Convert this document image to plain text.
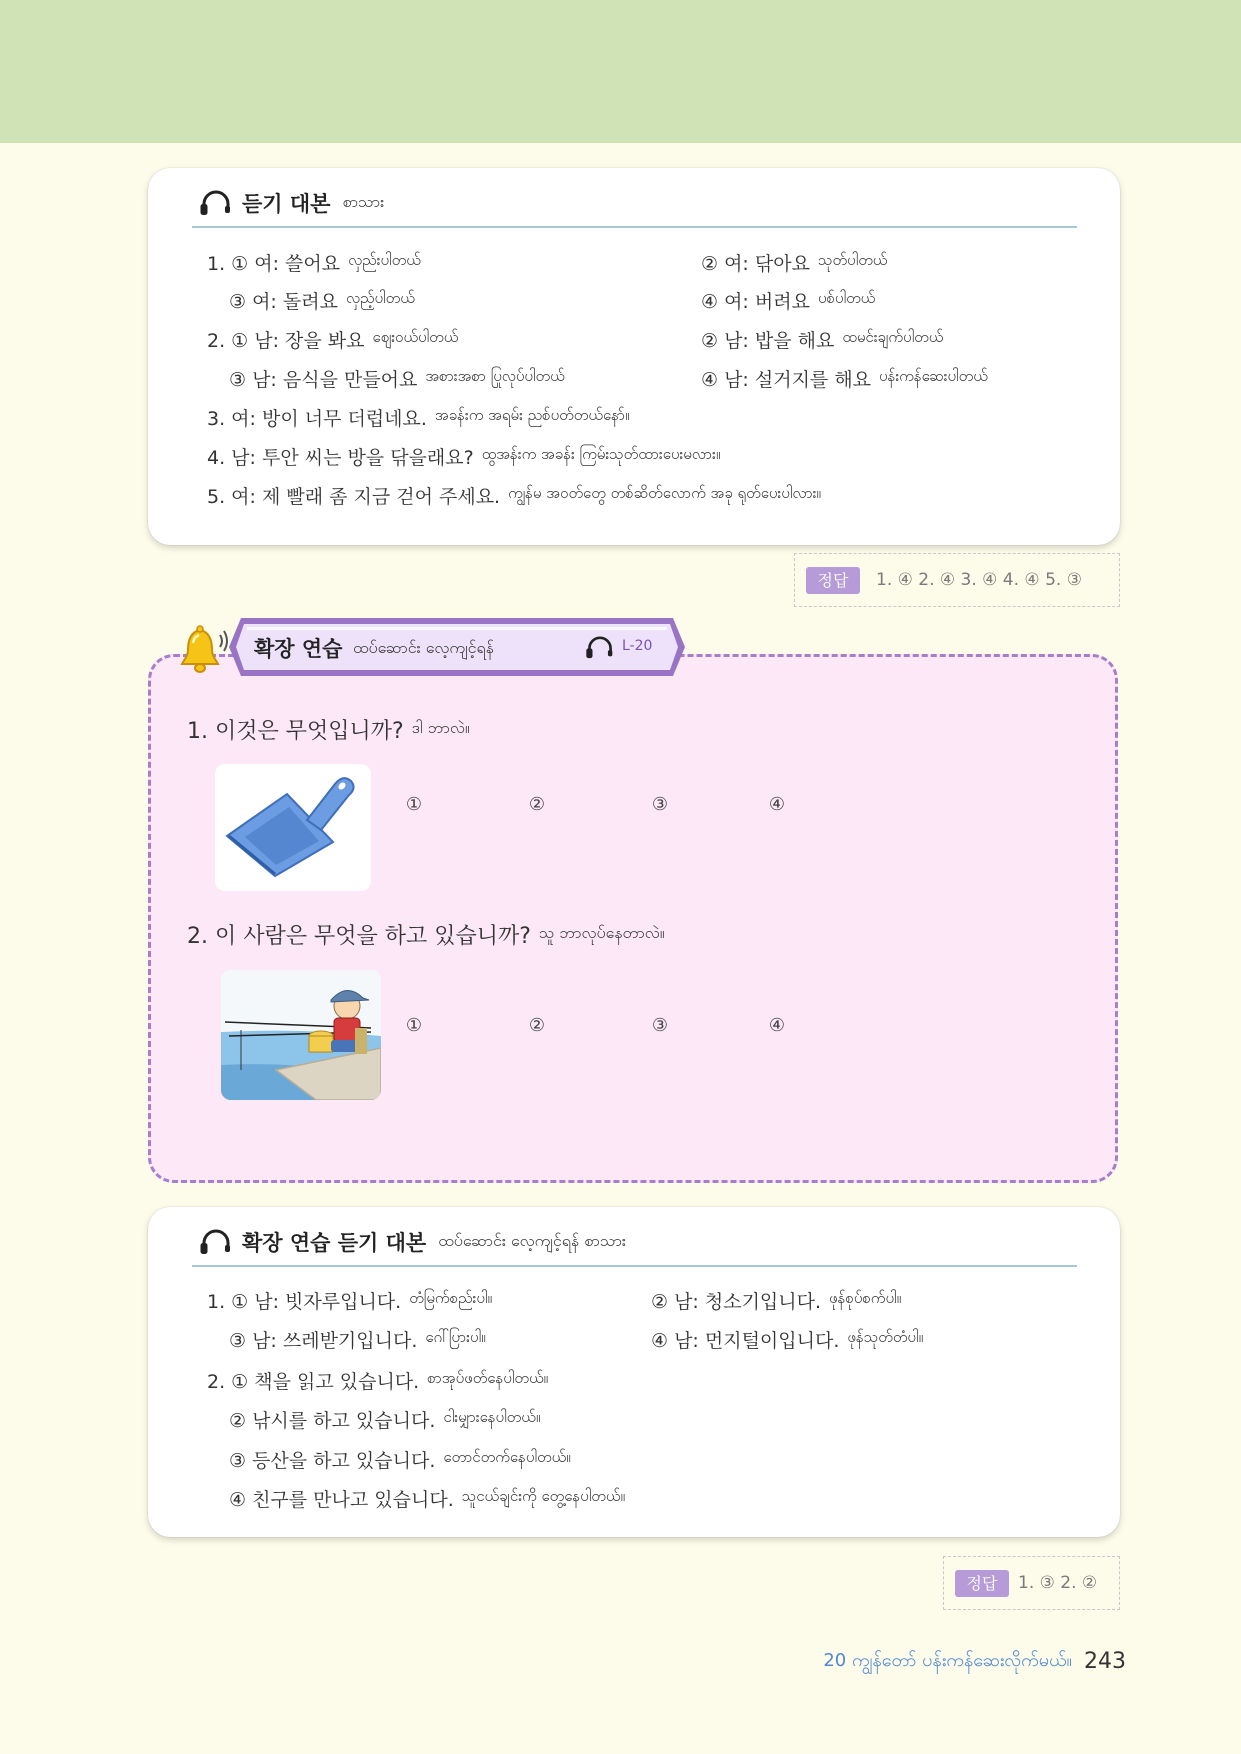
듣기 대본 စာသား
1. ① 여: 쓸어요 လှည်းပါတယ်	② 여: 닦아요 သုတ်ပါတယ်
③ 여: 돌려요 လှည့်ပါတယ်	④ 여: 버려요 ပစ်ပါတယ်
2. ① 남: 장을 봐요 ဈေးဝယ်ပါတယ်	② 남: 밥을 해요 ထမင်းချက်ပါတယ်
③ 남: 음식을 만들어요 အစားအစာ ပြုလုပ်ပါတယ်	④ 남: 설거지를 해요 ပန်းကန်ဆေးပါတယ်
3. 여: 방이 너무 더럽네요. အခန်းက အရမ်း ညစ်ပတ်တယ်နော်။
4. 남: 투안 씨는 방을 닦을래요? ထွအန်းက အခန်း ကြမ်းသုတ်ထားပေးမလား။
5. 여: 제 빨래 좀 지금 걷어 주세요. ကျွန်မ အဝတ်တွေ တစ်ဆိတ်လောက် အခု ရုတ်ပေးပါလား။
정답	1. ④ 2. ④ 3. ④ 4. ④ 5. ③
확장 연습 ထပ်ဆောင်း လေ့ကျင့်ရန်	L-20
1. 이것은 무엇입니까? ဒါ ဘာလဲ။
①	②	③	④
2. 이 사람은 무엇을 하고 있습니까? သူ ဘာလုပ်နေတာလဲ။
①	②	③	④
확장 연습 듣기 대본 ထပ်ဆောင်း လေ့ကျင့်ရန် စာသား
1. ① 남: 빗자루입니다. တံမြက်စည်းပါ။	② 남: 청소기입니다. ဖုန်စုပ်စက်ပါ။
③ 남: 쓰레받기입니다. ဂေါ်ပြားပါ။	④ 남: 먼지털이입니다. ဖုန်သုတ်တံပါ။
2. ① 책을 읽고 있습니다. စာအုပ်ဖတ်နေပါတယ်။
② 낚시를 하고 있습니다. ငါးမျှားနေပါတယ်။
③ 등산을 하고 있습니다. တောင်တက်နေပါတယ်။
④ 친구를 만나고 있습니다. သူငယ်ချင်းကို တွေ့နေပါတယ်။
정답	1. ③ 2. ②
20 ကျွန်တော် ပန်းကန်ဆေးလိုက်မယ်။ 243
